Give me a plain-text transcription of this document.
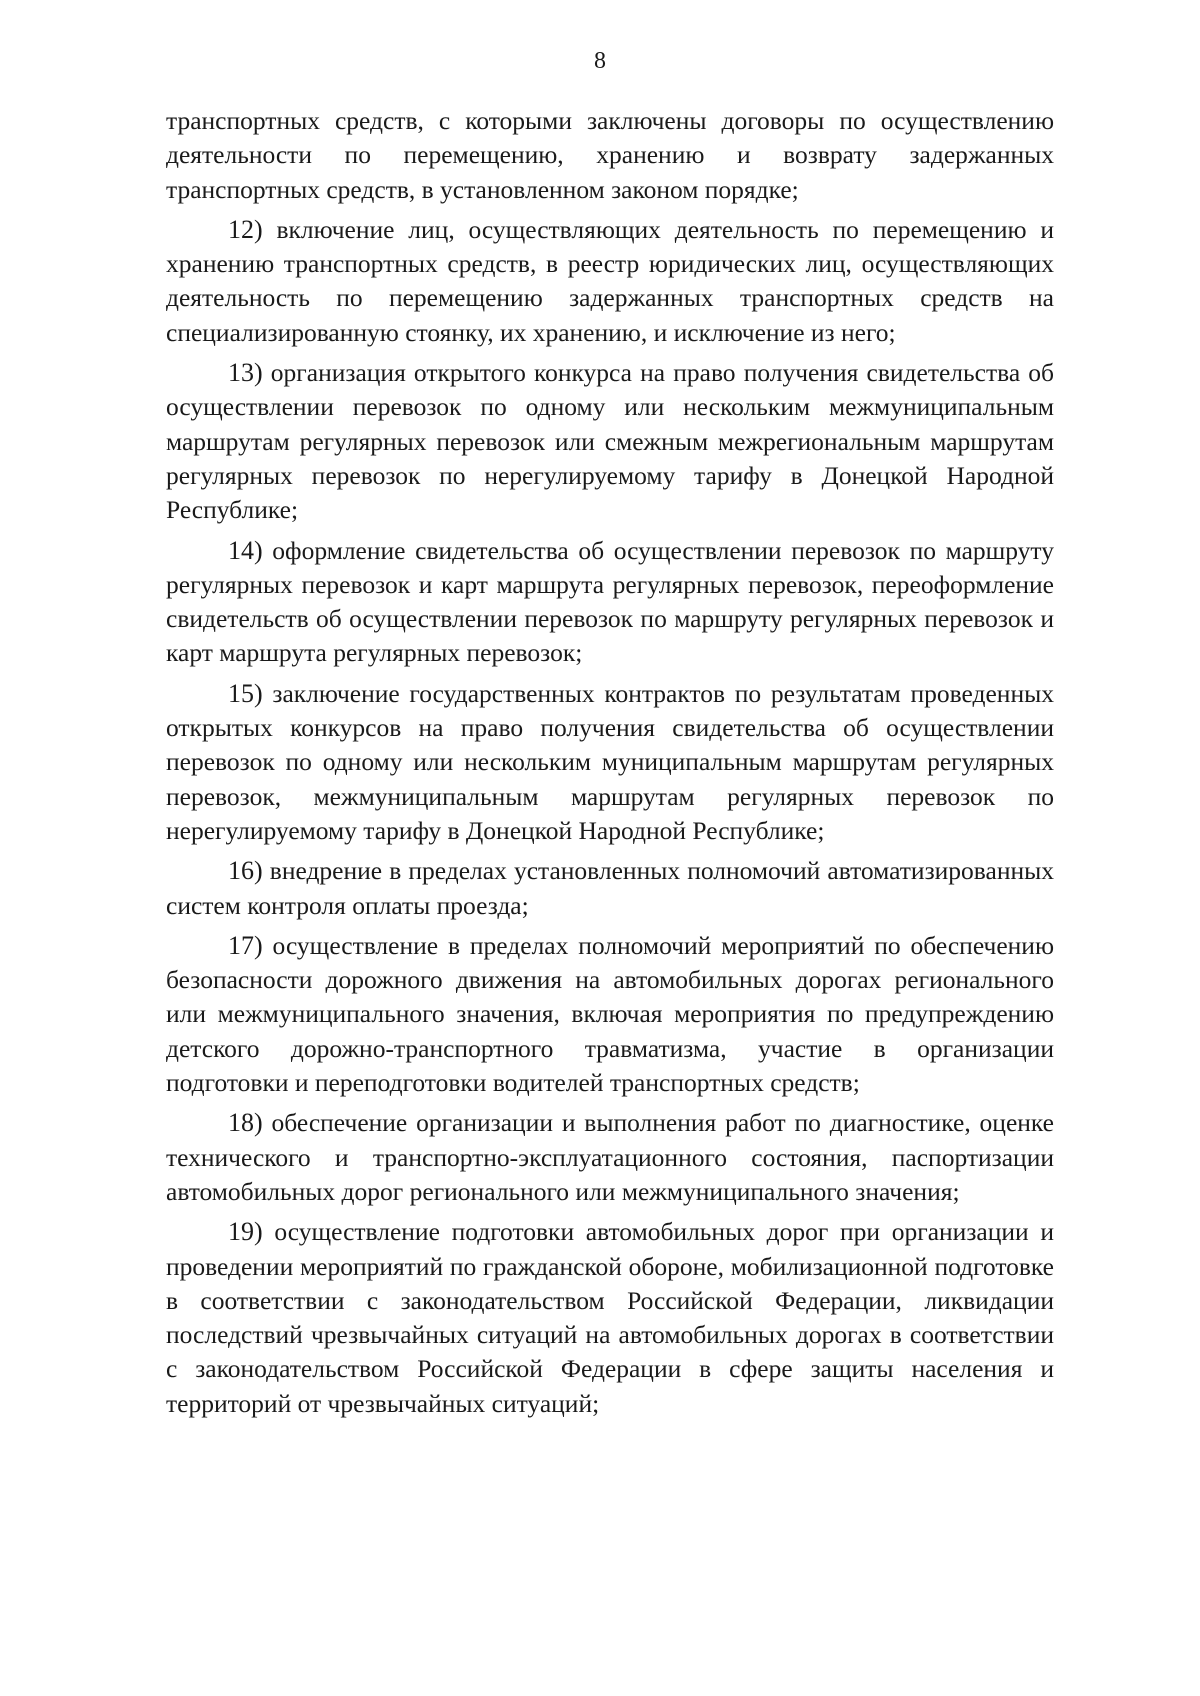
8

транспортных средств, с которыми заключены договоры по осуществлению деятельности по перемещению, хранению и возврату задержанных транспортных средств, в установленном законом порядке;

12) включение лиц, осуществляющих деятельность по перемещению и хранению транспортных средств, в реестр юридических лиц, осуществляющих деятельность по перемещению задержанных транспортных средств на специализированную стоянку, их хранению, и исключение из него;

13) организация открытого конкурса на право получения свидетельства об осуществлении перевозок по одному или нескольким межмуниципальным маршрутам регулярных перевозок или смежным межрегиональным маршрутам регулярных перевозок по нерегулируемому тарифу в Донецкой Народной Республике;

14) оформление свидетельства об осуществлении перевозок по маршруту регулярных перевозок и карт маршрута регулярных перевозок, переоформление свидетельств об осуществлении перевозок по маршруту регулярных перевозок и карт маршрута регулярных перевозок;

15) заключение государственных контрактов по результатам проведенных открытых конкурсов на право получения свидетельства об осуществлении перевозок по одному или нескольким муниципальным маршрутам регулярных перевозок, межмуниципальным маршрутам регулярных перевозок по нерегулируемому тарифу в Донецкой Народной Республике;

16) внедрение в пределах установленных полномочий автоматизированных систем контроля оплаты проезда;

17) осуществление в пределах полномочий мероприятий по обеспечению безопасности дорожного движения на автомобильных дорогах регионального или межмуниципального значения, включая мероприятия по предупреждению детского дорожно-транспортного травматизма, участие в организации подготовки и переподготовки водителей транспортных средств;

18) обеспечение организации и выполнения работ по диагностике, оценке технического и транспортно-эксплуатационного состояния, паспортизации автомобильных дорог регионального или межмуниципального значения;

19) осуществление подготовки автомобильных дорог при организации и проведении мероприятий по гражданской обороне, мобилизационной подготовке в соответствии с законодательством Российской Федерации, ликвидации последствий чрезвычайных ситуаций на автомобильных дорогах в соответствии с законодательством Российской Федерации в сфере защиты населения и территорий от чрезвычайных ситуаций;
